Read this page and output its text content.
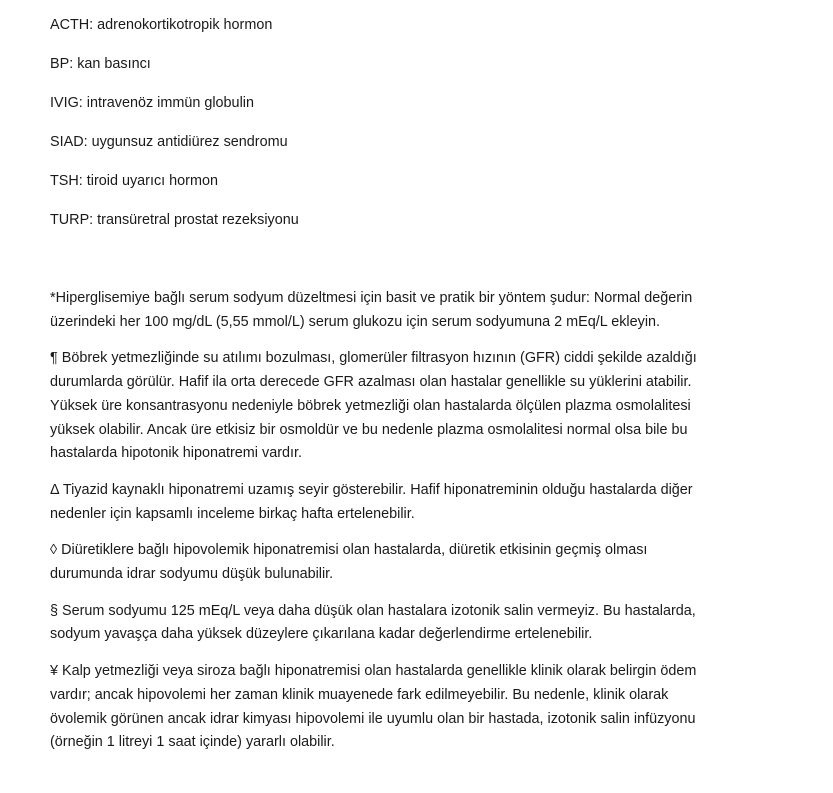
ACTH: adrenokortikotropik hormon
BP: kan basıncı
IVIG: intravenöz immün globulin
SIAD: uygunsuz antidiürez sendromu
TSH: tiroid uyarıcı hormon
TURP: transüretral prostat rezeksiyonu

*Hiperglisemiye bağlı serum sodyum düzeltmesi için basit ve pratik bir yöntem şudur: Normal değerin
üzerindeki her 100 mg/dL (5,55 mmol/L) serum glukozu için serum sodyumuna 2 mEq/L ekleyin.

¶ Böbrek yetmezliğinde su atılımı bozulması, glomerüler filtrasyon hızının (GFR) ciddi şekilde azaldığı
durumlarda görülür. Hafif ila orta derecede GFR azalması olan hastalar genellikle su yüklerini atabilir.
Yüksek üre konsantrasyonu nedeniyle böbrek yetmezliği olan hastalarda ölçülen plazma osmolalitesi
yüksek olabilir. Ancak üre etkisiz bir osmoldür ve bu nedenle plazma osmolalitesi normal olsa bile bu
hastalarda hipotonik hiponatremi vardır.

Δ Tiyazid kaynaklı hiponatremi uzamış seyir gösterebilir. Hafif hiponatreminin olduğu hastalarda diğer
nedenler için kapsamlı inceleme birkaç hafta ertelenebilir.

◊ Diüretiklere bağlı hipovolemik hiponatremisi olan hastalarda, diüretik etkisinin geçmiş olması
durumunda idrar sodyumu düşük bulunabilir.

§ Serum sodyumu 125 mEq/L veya daha düşük olan hastalara izotonik salin vermeyiz. Bu hastalarda,
sodyum yavaşça daha yüksek düzeylere çıkarılana kadar değerlendirme ertelenebilir.

¥ Kalp yetmezliği veya siroza bağlı hiponatremisi olan hastalarda genellikle klinik olarak belirgin ödem
vardır; ancak hipovolemi her zaman klinik muayenede fark edilmeyebilir. Bu nedenle, klinik olarak
övolemik görünen ancak idrar kimyası hipovolemi ile uyumlu olan bir hastada, izotonik salin infüzyonu
(örneğin 1 litreyi 1 saat içinde) yararlı olabilir.
